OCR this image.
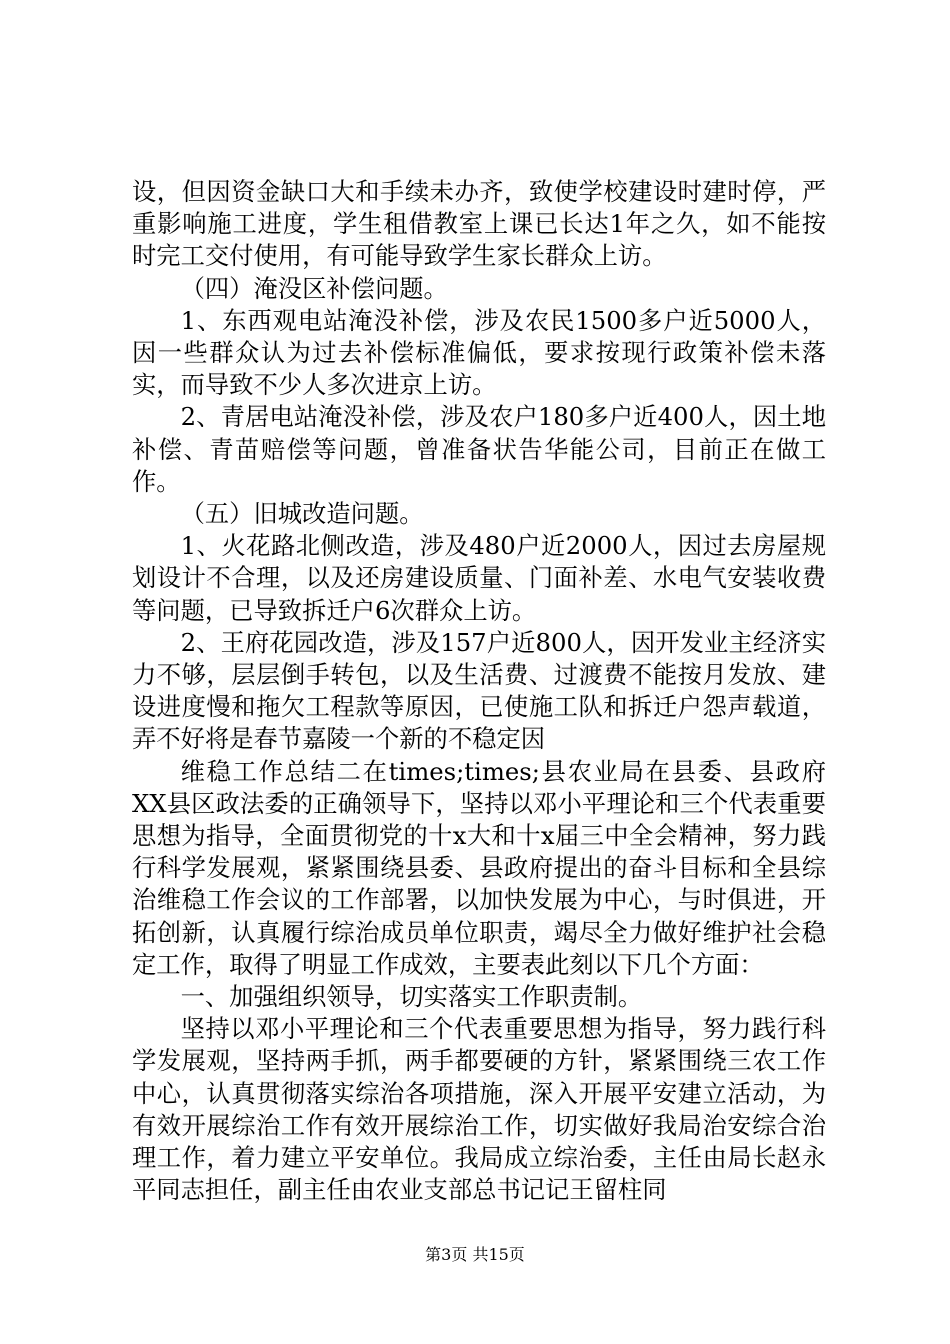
设，但因资金缺口大和手续未办齐，致使学校建设时建时停，严重影响施工进度，学生租借教室上课已长达1年之久，如不能按时完工交付使用，有可能导致学生家长群众上访。

（四）淹没区补偿问题。

1、东西观电站淹没补偿，涉及农民1500多户近5000人，因一些群众认为过去补偿标准偏低，要求按现行政策补偿未落实，而导致不少人多次进京上访。

2、青居电站淹没补偿，涉及农户180多户近400人，因土地补偿、青苗赔偿等问题，曾准备状告华能公司，目前正在做工作。

（五）旧城改造问题。

1、火花路北侧改造，涉及480户近2000人，因过去房屋规划设计不合理，以及还房建设质量、门面补差、水电气安装收费等问题，已导致拆迁户6次群众上访。

2、王府花园改造，涉及157户近800人，因开发业主经济实力不够，层层倒手转包，以及生活费、过渡费不能按月发放、建设进度慢和拖欠工程款等原因，已使施工队和拆迁户怨声载道，弄不好将是春节嘉陵一个新的不稳定因

维稳工作总结二在times;times;县农业局在县委、县政府XX县区政法委的正确领导下，坚持以邓小平理论和三个代表重要思想为指导，全面贯彻党的十x大和十x届三中全会精神，努力践行科学发展观，紧紧围绕县委、县政府提出的奋斗目标和全县综治维稳工作会议的工作部署，以加快发展为中心，与时俱进，开拓创新，认真履行综治成员单位职责，竭尽全力做好维护社会稳定工作，取得了明显工作成效，主要表此刻以下几个方面：

一、加强组织领导，切实落实工作职责制。

坚持以邓小平理论和三个代表重要思想为指导，努力践行科学发展观，坚持两手抓，两手都要硬的方针，紧紧围绕三农工作中心，认真贯彻落实综治各项措施，深入开展平安建立活动，为有效开展综治工作有效开展综治工作，切实做好我局治安综合治理工作，着力建立平安单位。我局成立综治委，主任由局长赵永平同志担任，副主任由农业支部总书记记王留柱同

第3页 共15页
